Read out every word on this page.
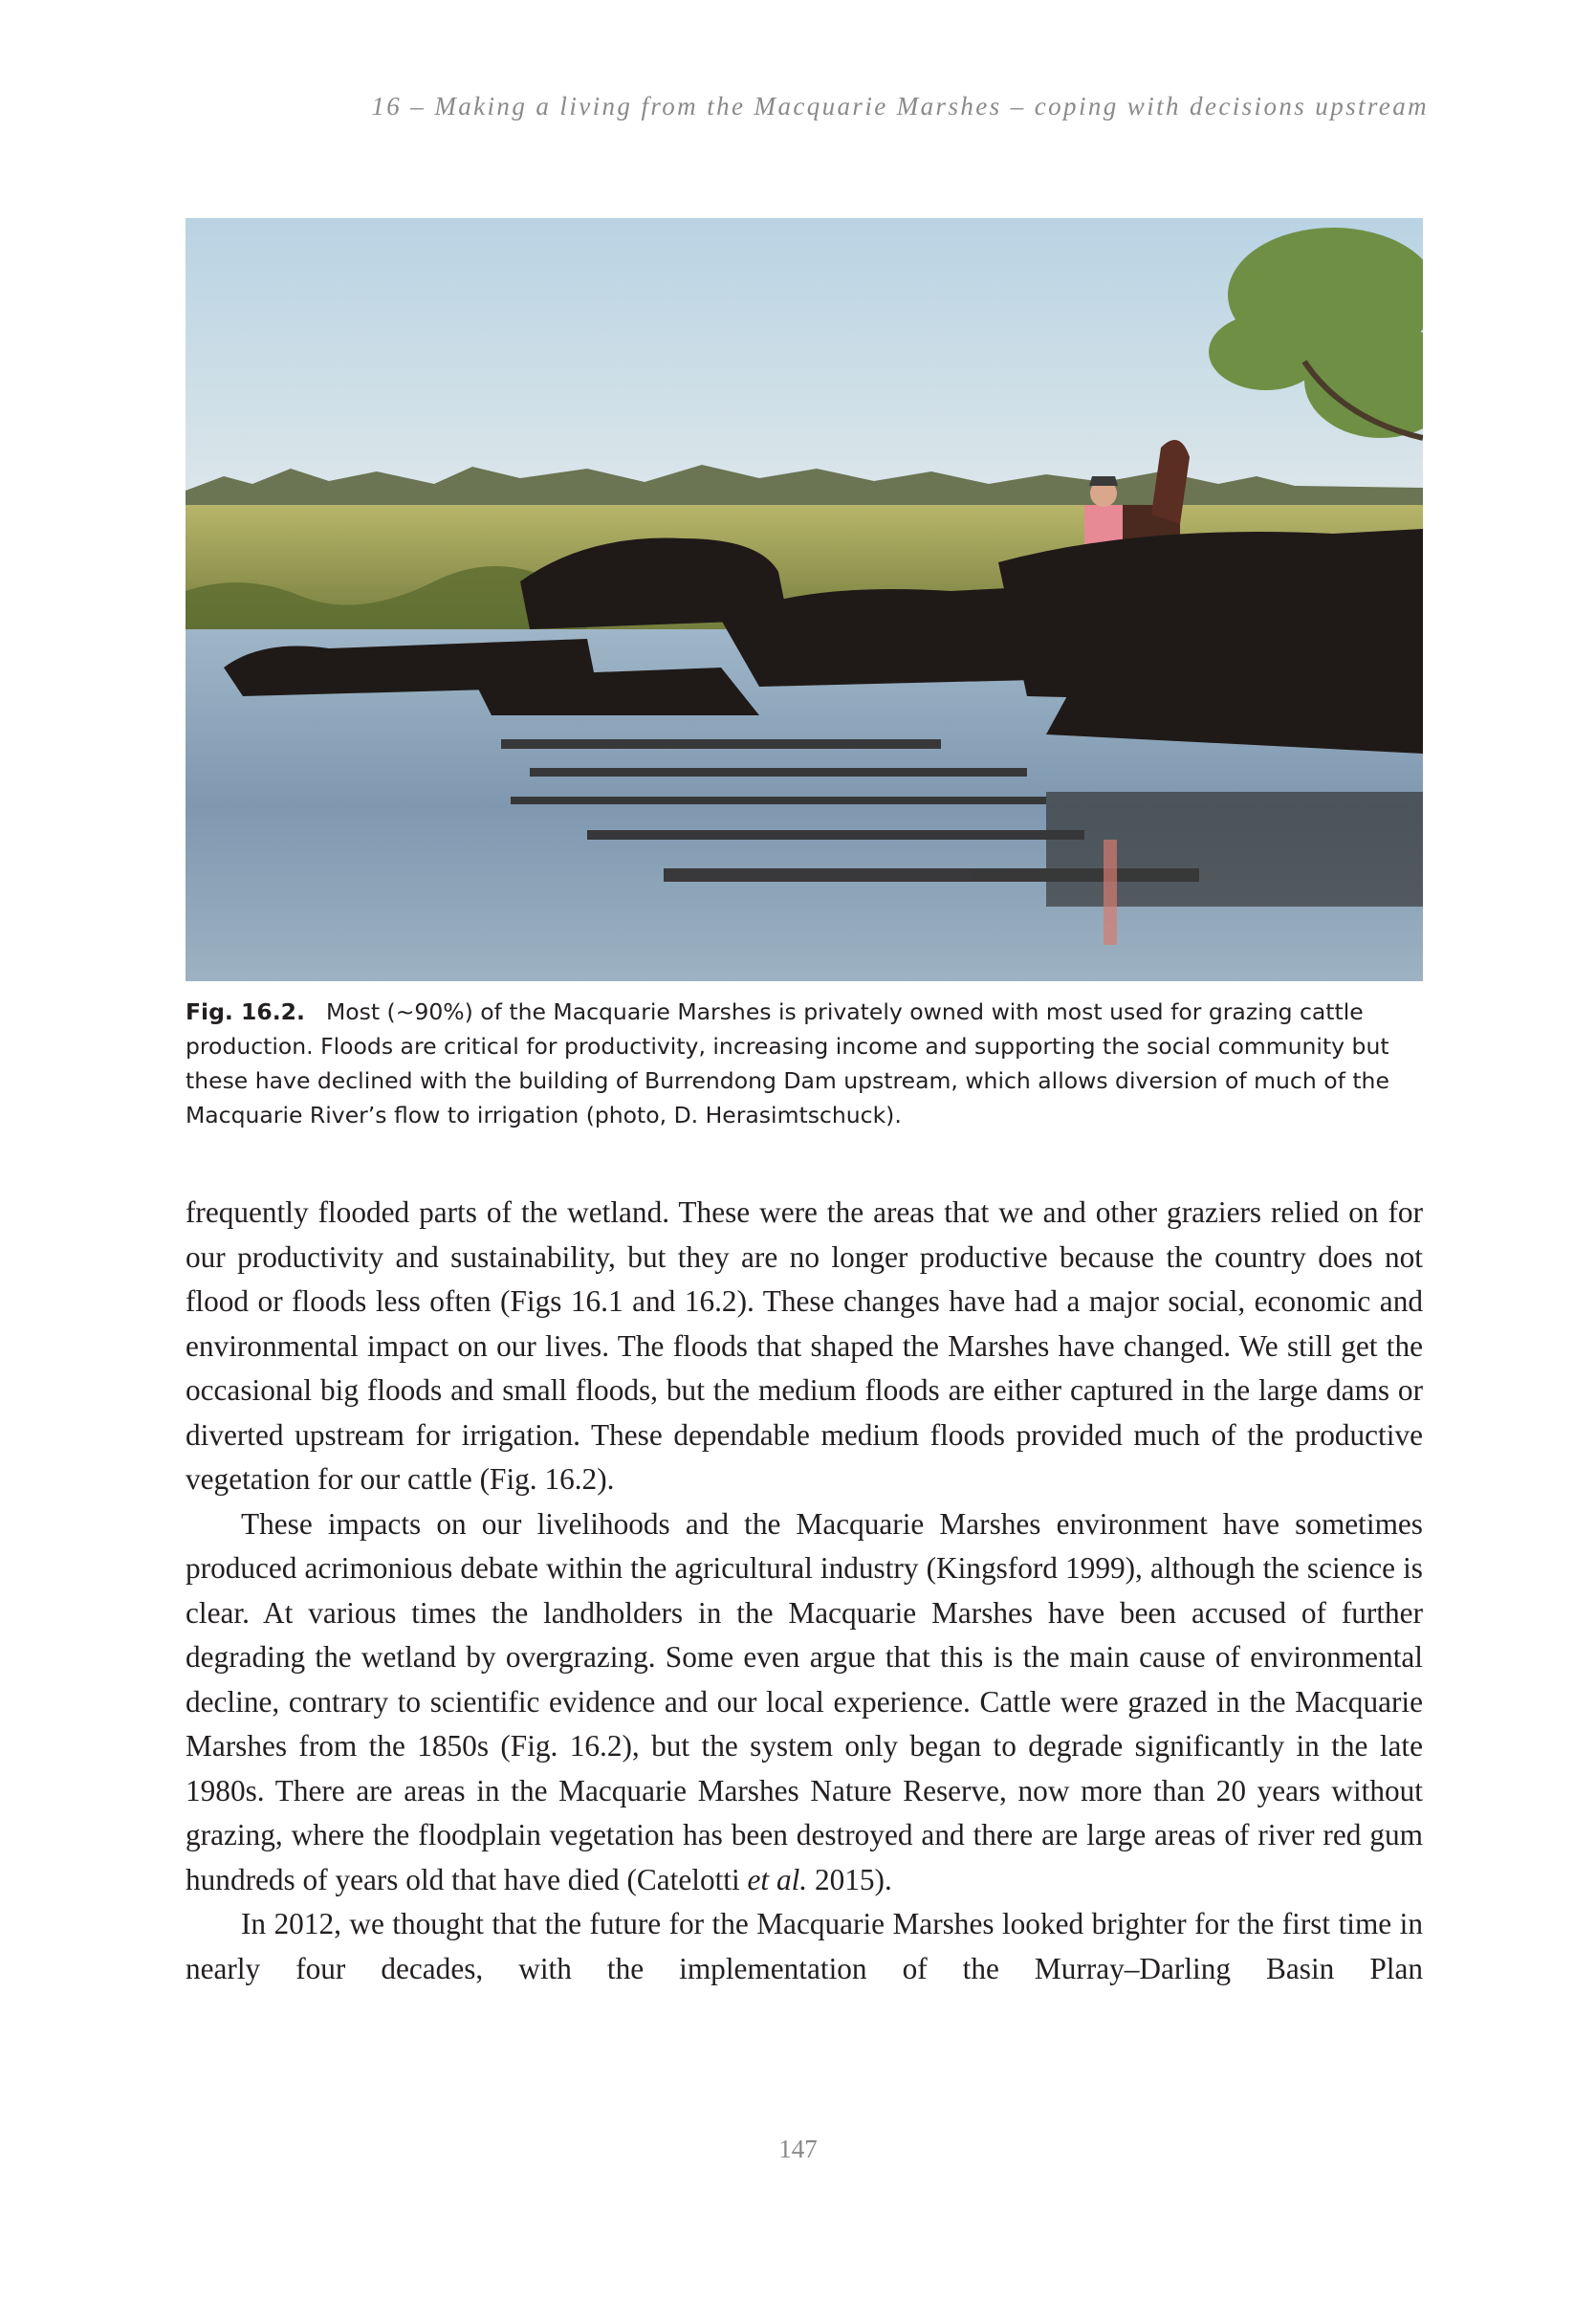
16 – Making a living from the Macquarie Marshes – coping with decisions upstream
Fig. 16.2. Most (~90%) of the Macquarie Marshes is privately owned with most used for grazing cattle production. Floods are critical for productivity, increasing income and supporting the social community but these have declined with the building of Burrendong Dam upstream, which allows diversion of much of the Macquarie River’s flow to irrigation (photo, D. Herasimtschuck).

frequently flooded parts of the wetland. These were the areas that we and other graziers relied on for our productivity and sustainability, but they are no longer productive because the country does not flood or floods less often (Figs 16.1 and 16.2). These changes have had a major social, economic and environmental impact on our lives. The floods that shaped the Marshes have changed. We still get the occasional big floods and small floods, but the medium floods are either captured in the large dams or diverted upstream for irrigation. These dependable medium floods provided much of the productive vegetation for our cattle (Fig. 16.2).

These impacts on our livelihoods and the Macquarie Marshes environment have sometimes produced acrimonious debate within the agricultural industry (Kingsford 1999), although the science is clear. At various times the landholders in the Macquarie Marshes have been accused of further degrading the wetland by overgrazing. Some even argue that this is the main cause of environmental decline, contrary to scientific evidence and our local experience. Cattle were grazed in the Macquarie Marshes from the 1850s (Fig. 16.2), but the system only began to degrade significantly in the late 1980s. There are areas in the Macquarie Marshes Nature Reserve, now more than 20 years without grazing, where the floodplain vegetation has been destroyed and there are large areas of river red gum hundreds of years old that have died (Catelotti et al. 2015).

In 2012, we thought that the future for the Macquarie Marshes looked brighter for the first time in nearly four decades, with the implementation of the Murray–Darling Basin Plan

147
